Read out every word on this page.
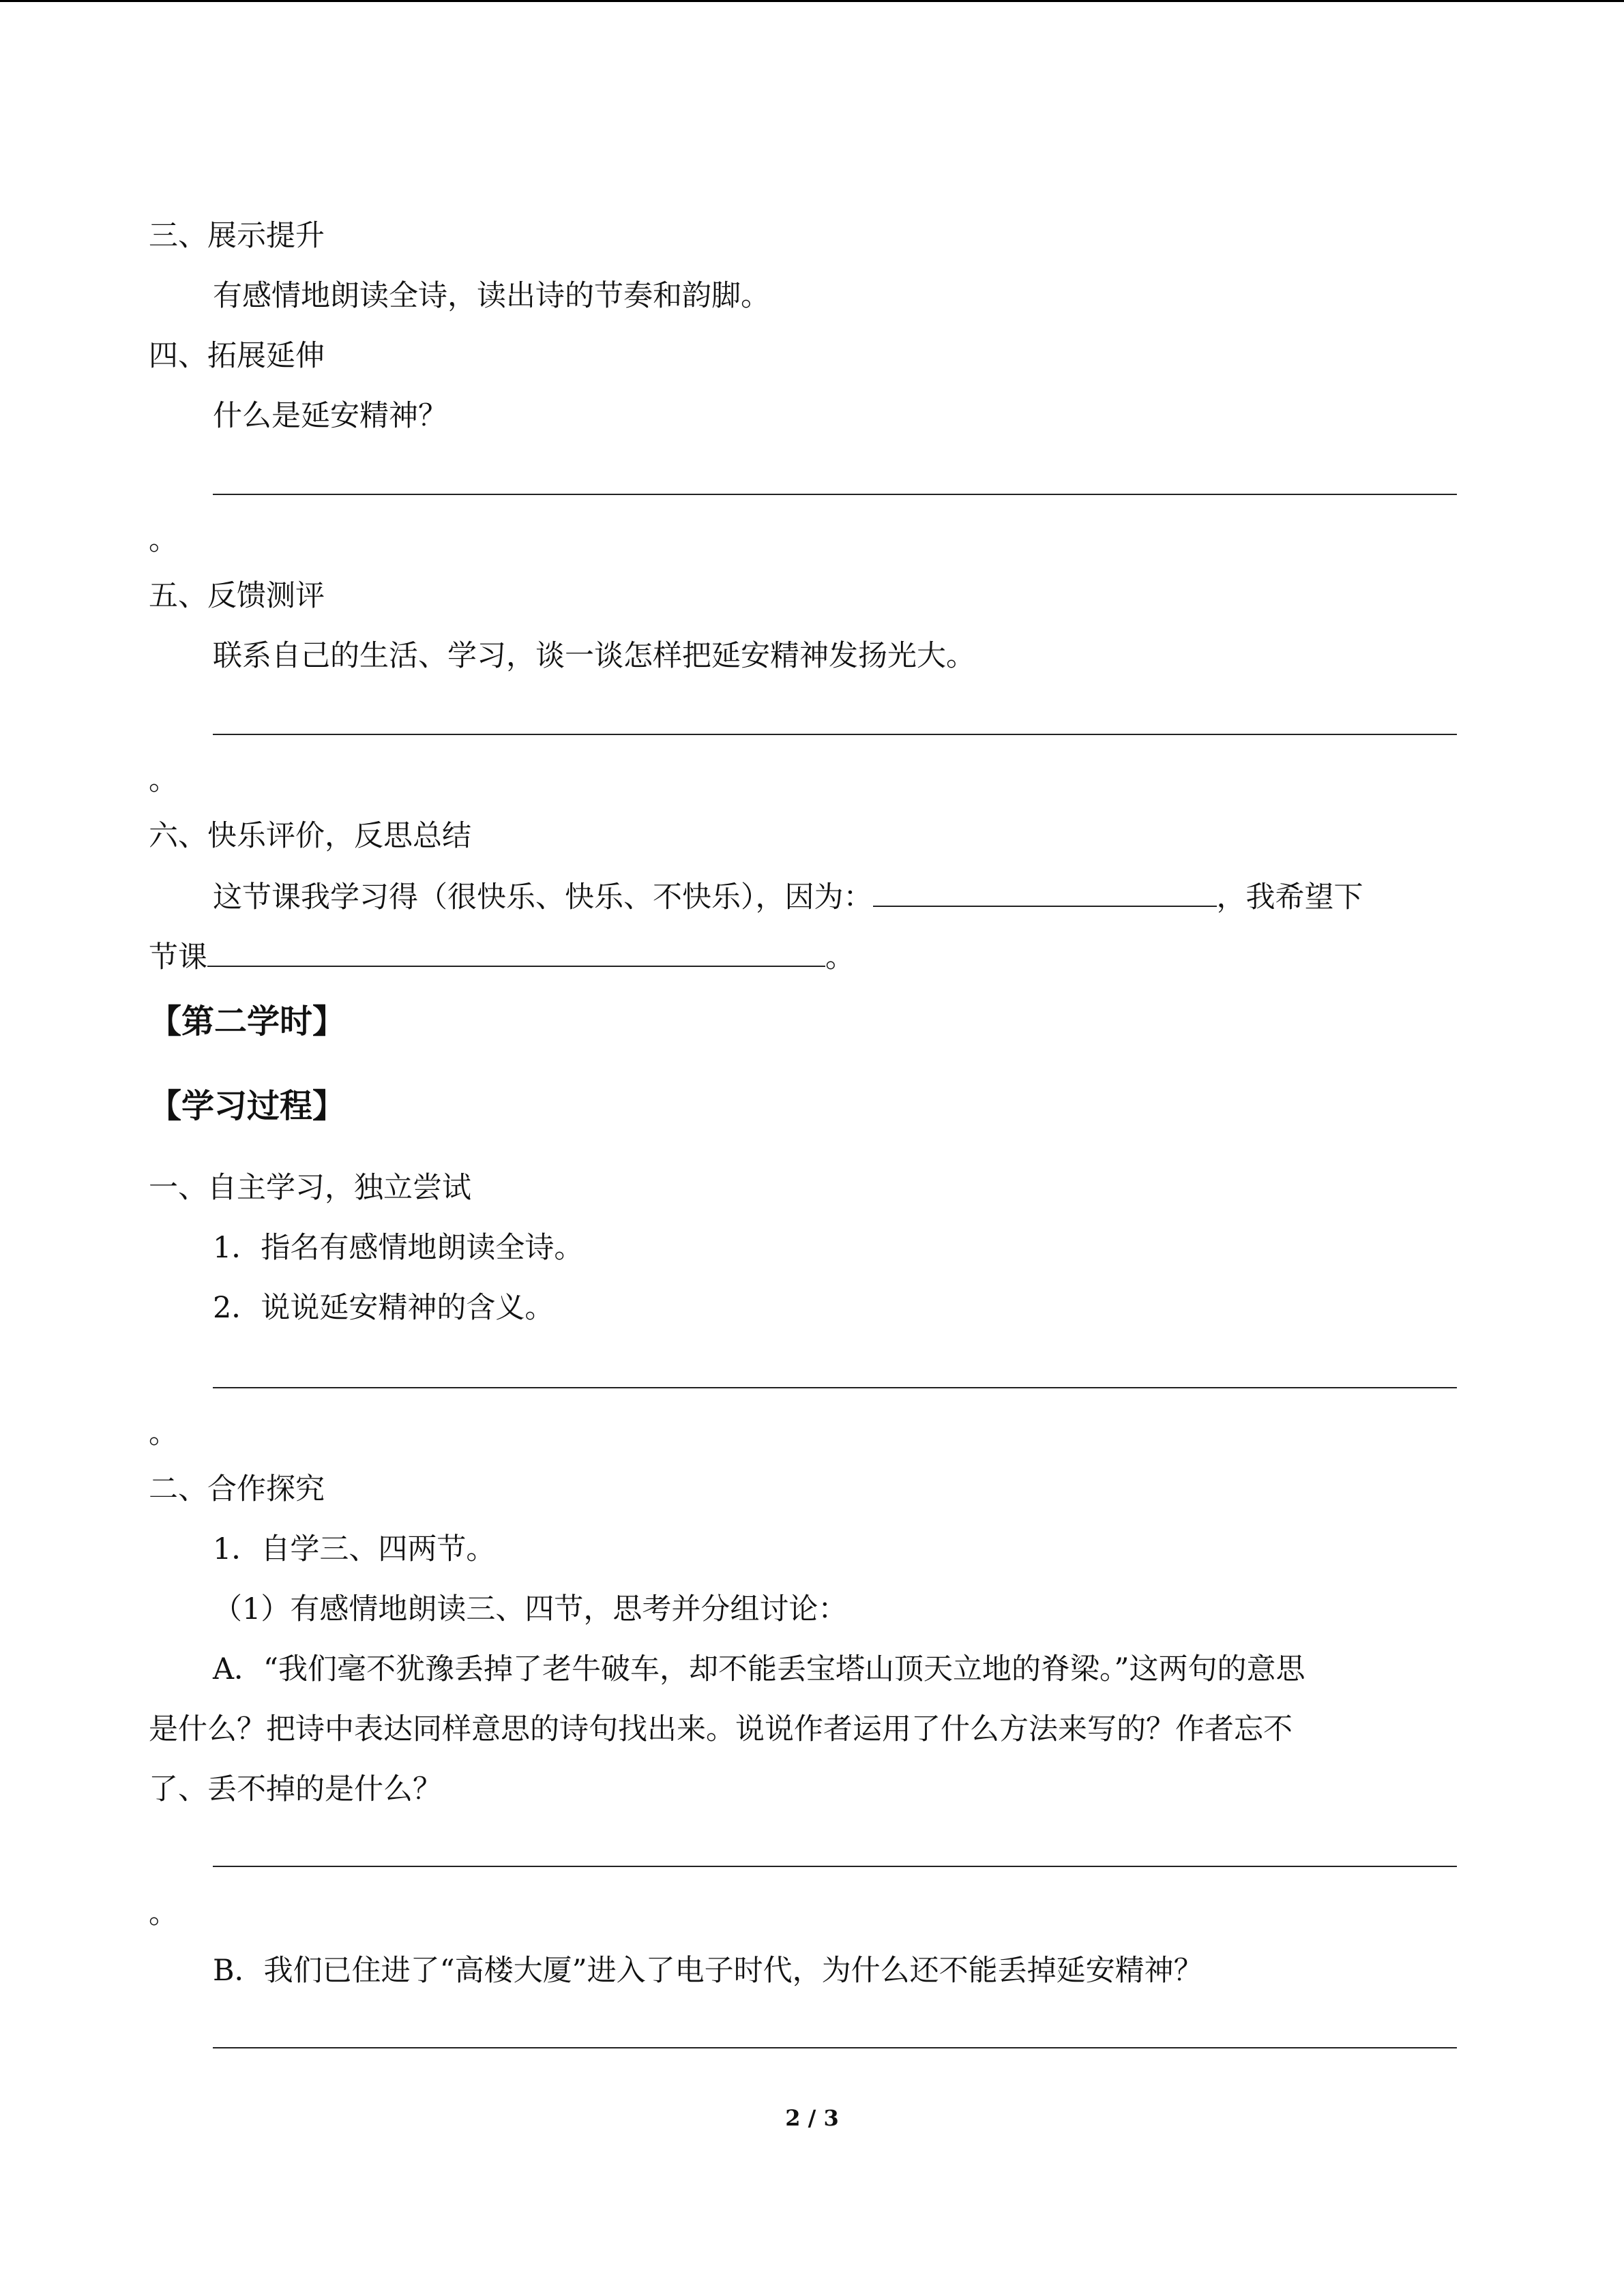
三、展示提升
有感情地朗读全诗，读出诗的节奏和韵脚。
四、拓展延伸
什么是延安精神？
。
五、反馈测评
联系自己的生活、学习，谈一谈怎样把延安精神发扬光大。
。
六、快乐评价，反思总结
这节课我学习得（很快乐、快乐、不快乐），因为：	，我希望下
节课	。
【第二学时】
【学习过程】
一、自主学习，独立尝试
1．指名有感情地朗读全诗。
2．说说延安精神的含义。
。
二、合作探究
1．自学三、四两节。
（1）有感情地朗读三、四节，思考并分组讨论：
A．“我们毫不犹豫丢掉了老牛破车，却不能丢宝塔山顶天立地的脊梁。”这两句的意思
是什么？把诗中表达同样意思的诗句找出来。说说作者运用了什么方法来写的？作者忘不
了、丢不掉的是什么？
。
B．我们已住进了“高楼大厦”进入了电子时代，为什么还不能丢掉延安精神？
2 / 3
